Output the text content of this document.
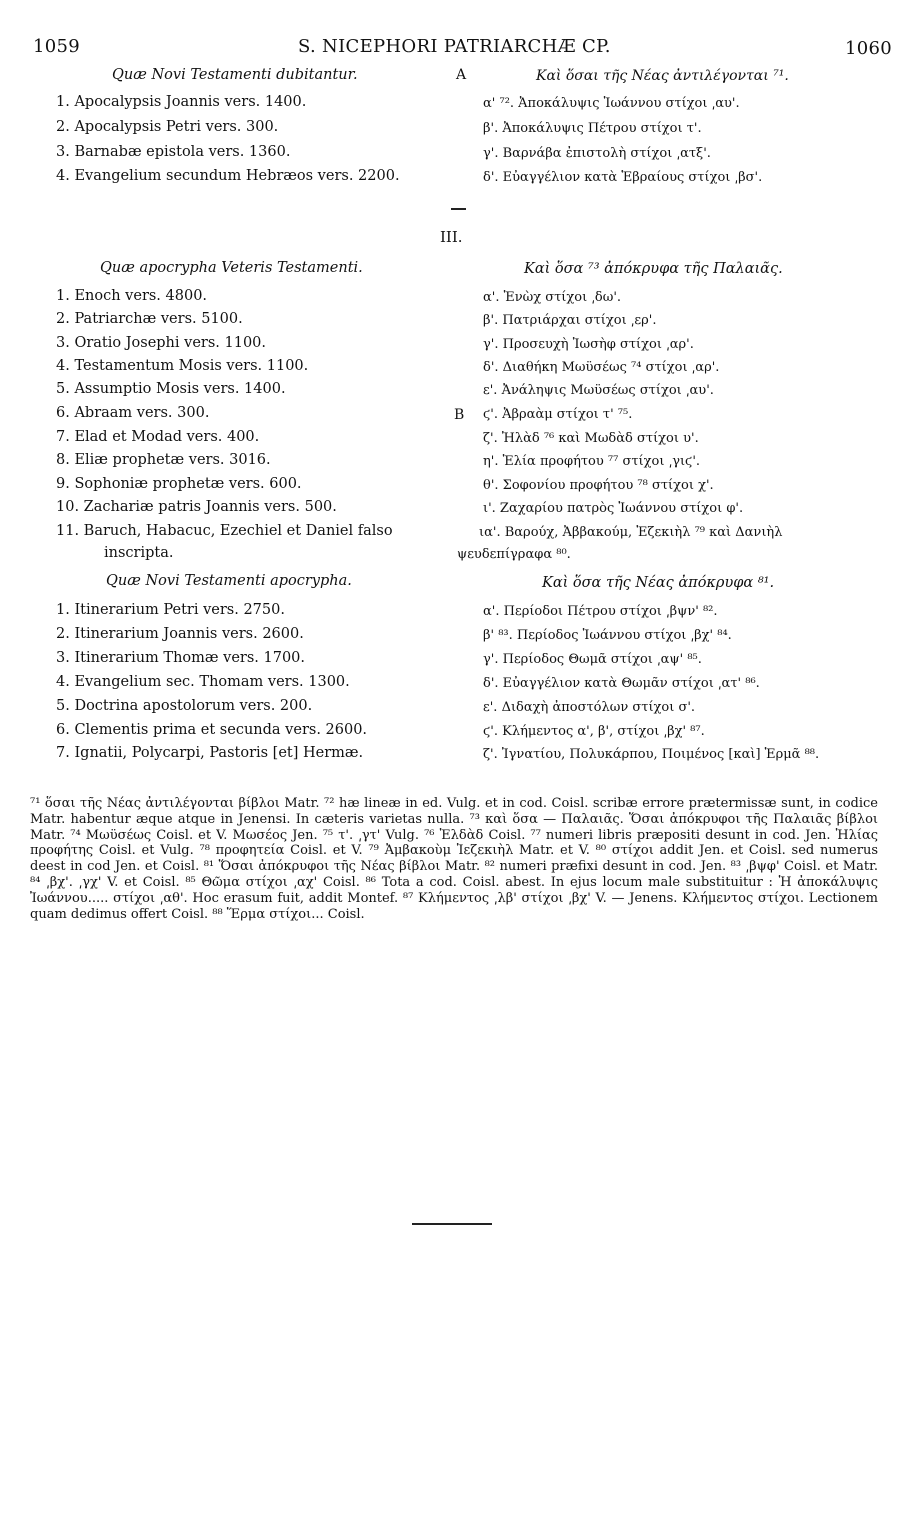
1059	S. NICEPHORI PATRIARCHÆ CP.	1060
A
B
III.
Quæ Novi Testamenti dubitantur.
1. Apocalypsis Joannis vers. 1400.
2. Apocalypsis Petri vers. 300.
3. Barnabæ epistola vers. 1360.
4. Evangelium secundum Hebræos vers. 2200.
Quæ apocrypha Veteris Testamenti.
1. Enoch vers. 4800.
2. Patriarchæ vers. 5100.
3. Oratio Josephi vers. 1100.
4. Testamentum Mosis vers. 1100.
5. Assumptio Mosis vers. 1400.
6. Abraam vers. 300.
7. Elad et Modad vers. 400.
8. Eliæ prophetæ vers. 3016.
9. Sophoniæ prophetæ vers. 600.
10. Zachariæ patris Joannis vers. 500.
11. Baruch, Habacuc, Ezechiel et Daniel falso
inscripta.
Quæ Novi Testamenti apocrypha.
1. Itinerarium Petri vers. 2750.
2. Itinerarium Joannis vers. 2600.
3. Itinerarium Thomæ vers. 1700.
4. Evangelium sec. Thomam vers. 1300.
5. Doctrina apostolorum vers. 200.
6. Clementis prima et secunda vers. 2600.
7. Ignatii, Polycarpi, Pastoris [et] Hermæ.
Καὶ ὅσαι τῆς Νέας ἀντιλέγονται ⁷¹.
α' ⁷². Ἀποκάλυψις Ἰωάννου στίχοι ͵αυ'.
β'. Ἀποκάλυψις Πέτρου στίχοι τ'.
γ'. Βαρνάβα ἐπιστολὴ στίχοι ͵ατξ'.
δ'. Εὐαγγέλιον κατὰ Ἑβραίους στίχοι ͵βσ'.
Καὶ ὅσα ⁷³ ἀπόκρυφα τῆς Παλαιᾶς.
α'. Ἐνὼχ στίχοι ͵δω'.
β'. Πατριάρχαι στίχοι ͵ερ'.
γ'. Προσευχὴ Ἰωσὴφ στίχοι ͵αρ'.
δ'. Διαθήκη Μωϋσέως ⁷⁴ στίχοι ͵αρ'.
ε'. Ἀνάληψις Μωϋσέως στίχοι ͵αυ'.
ϛ'. Ἀβραὰμ στίχοι τ' ⁷⁵.
ζ'. Ἠλὰδ ⁷⁶ καὶ Μωδὰδ στίχοι υ'.
η'. Ἐλία προφήτου ⁷⁷ στίχοι ͵γιϛ'.
θ'. Σοφονίου προφήτου ⁷⁸ στίχοι χ'.
ι'. Ζαχαρίου πατρὸς Ἰωάννου στίχοι φ'.
ια'. Βαρούχ, Ἀββακούμ, Ἐζεκιὴλ ⁷⁹ καὶ Δανιὴλ
ψευδεπίγραφα ⁸⁰.
Καὶ ὅσα τῆς Νέας ἀπόκρυφα ⁸¹.
α'. Περίοδοι Πέτρου στίχοι ͵βψν' ⁸².
β' ⁸³. Περίοδος Ἰωάννου στίχοι ͵βχ' ⁸⁴.
γ'. Περίοδος Θωμᾶ στίχοι ͵αψ' ⁸⁵.
δ'. Εὐαγγέλιον κατὰ Θωμᾶν στίχοι ͵ατ' ⁸⁶.
ε'. Διδαχὴ ἀποστόλων στίχοι σ'.
ϛ'. Κλήμεντος α', β', στίχοι ͵βχ' ⁸⁷.
ζ'. Ἰγνατίου, Πολυκάρπου, Ποιμένος [καὶ] Ἑρμᾶ ⁸⁸.
⁷¹ ὅσαι τῆς Νέας ἀντιλέγονται βίβλοι Matr. ⁷² hæ lineæ in ed. Vulg. et in cod. Coisl. scribæ errore prætermissæ sunt, in codice Matr. habentur æque atque in Jenensi. In cæteris varietas nulla. ⁷³ καὶ ὅσα — Παλαιᾶς. Ὅσαι ἀπόκρυφοι τῆς Παλαιᾶς βίβλοι Matr. ⁷⁴ Μωϋσέως Coisl. et V. Μωσέος Jen. ⁷⁵ τ'. ͵γτ' Vulg. ⁷⁶ Ἐλδὰδ Coisl. ⁷⁷ numeri libris præpositi desunt in cod. Jen. Ἠλίας προφήτης Coisl. et Vulg. ⁷⁸ προφητεία Coisl. et V. ⁷⁹ Ἀμβακοὺμ Ἰεζεκιὴλ Matr. et V. ⁸⁰ στίχοι addit Jen. et Coisl. sed numerus deest in cod Jen. et Coisl. ⁸¹ Ὅσαι ἀπόκρυφοι τῆς Νέας βίβλοι Matr. ⁸² numeri præfixi desunt in cod. Jen. ⁸³ ͵βψφ' Coisl. et Matr. ⁸⁴ ͵βχ'. ͵γχ' V. et Coisl. ⁸⁵ Θῶμα στίχοι ͵αχ' Coisl. ⁸⁶ Tota a cod. Coisl. abest. In ejus locum male substituitur : Ἡ ἀποκάλυψις Ἰωάννου..... στίχοι ͵αθ'. Hoc erasum fuit, addit Montef. ⁸⁷ Κλήμεντος ͵λβ' στίχοι ͵βχ' V. — Jenens. Κλήμεντος στίχοι. Lectionem quam dedimus offert Coisl. ⁸⁸ Ἕρμα στίχοι... Coisl.
